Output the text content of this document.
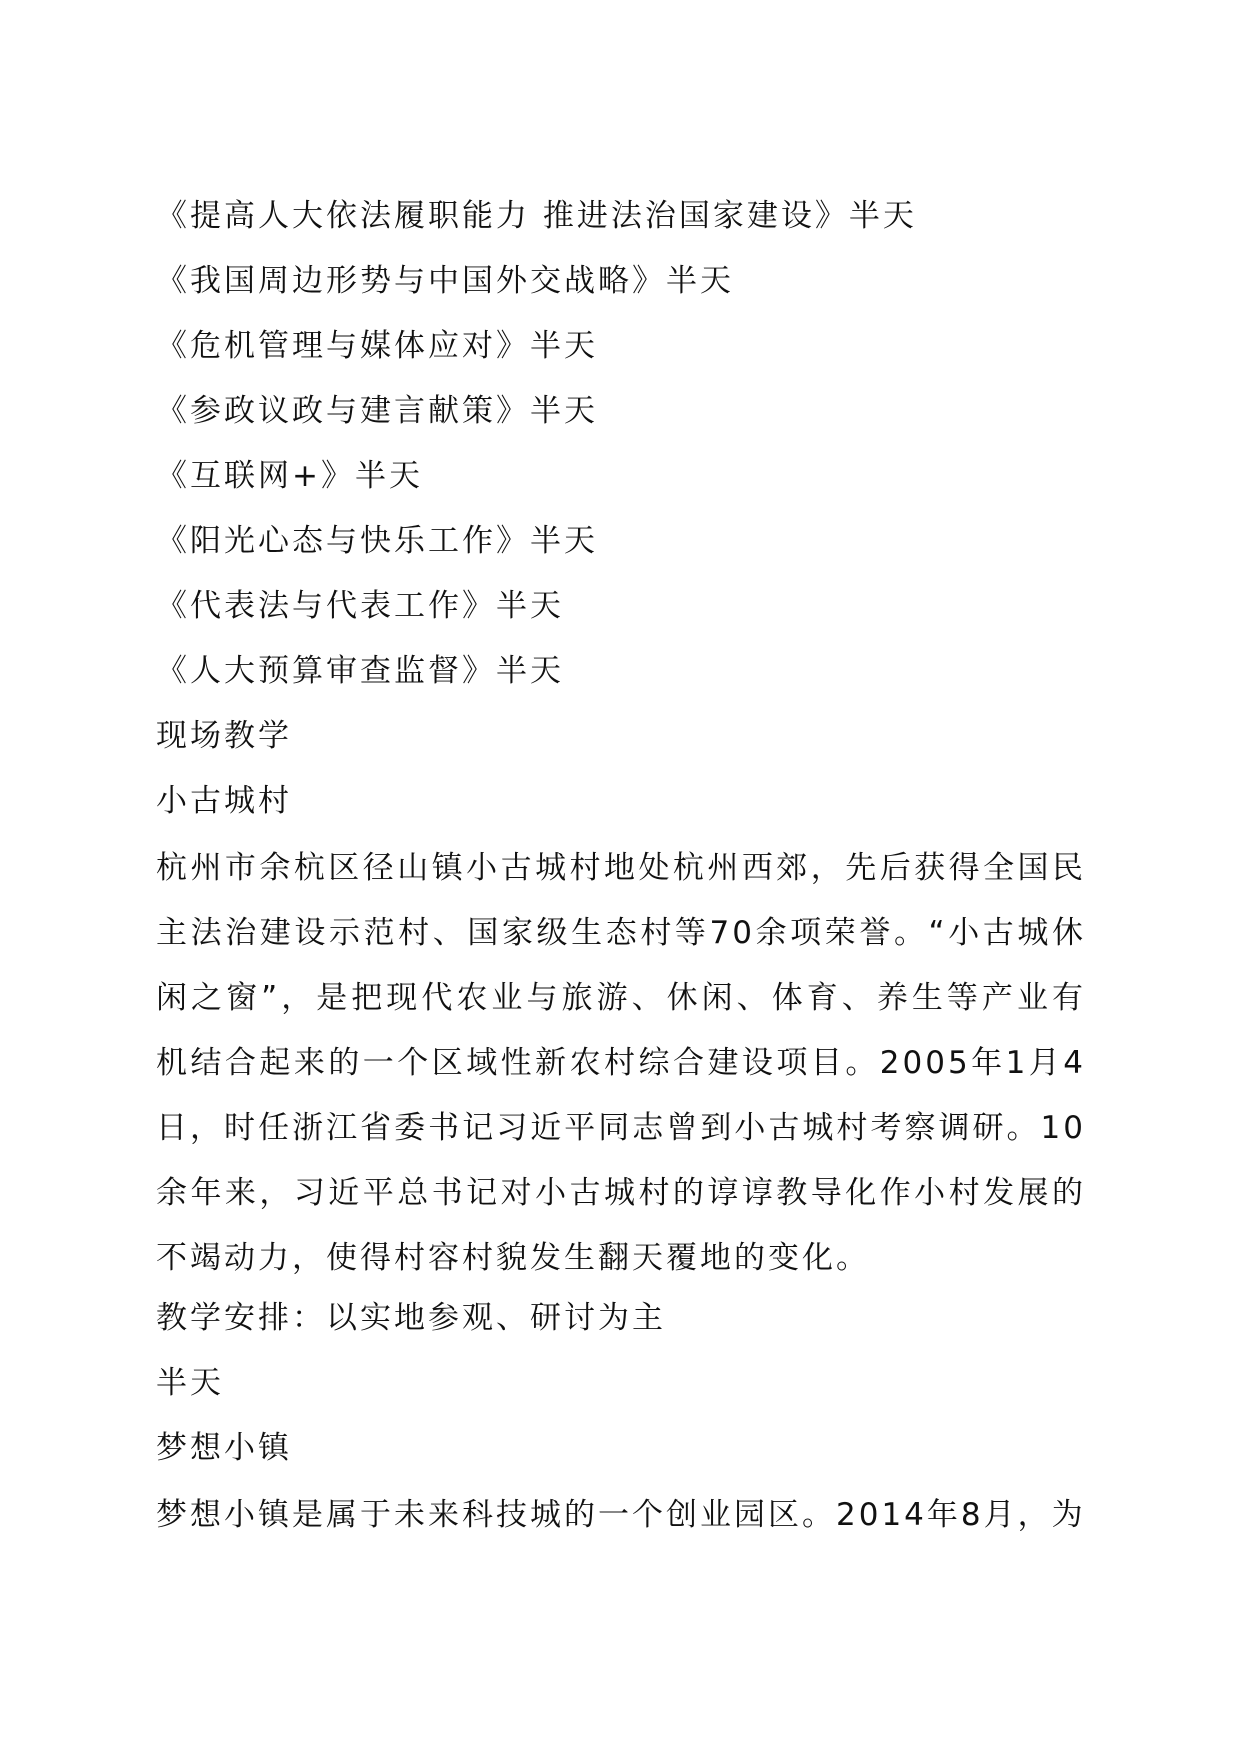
《提高人大依法履职能力 推进法治国家建设》半天
《我国周边形势与中国外交战略》半天
《危机管理与媒体应对》半天
《参政议政与建言献策》半天
《互联网+》半天
《阳光心态与快乐工作》半天
《代表法与代表工作》半天
《人大预算审查监督》半天
现场教学
小古城村
杭州市余杭区径山镇小古城村地处杭州西郊，先后获得全国民主法治建设示范村、国家级生态村等70余项荣誉。“小古城休闲之窗”，是把现代农业与旅游、休闲、体育、养生等产业有机结合起来的一个区域性新农村综合建设项目。2005年1月4日，时任浙江省委书记习近平同志曾到小古城村考察调研。10余年来，习近平总书记对小古城村的谆谆教导化作小村发展的不竭动力，使得村容村貌发生翻天覆地的变化。
教学安排：以实地参观、研讨为主
半天
梦想小镇
梦想小镇是属于未来科技城的一个创业园区。2014年8月，为
